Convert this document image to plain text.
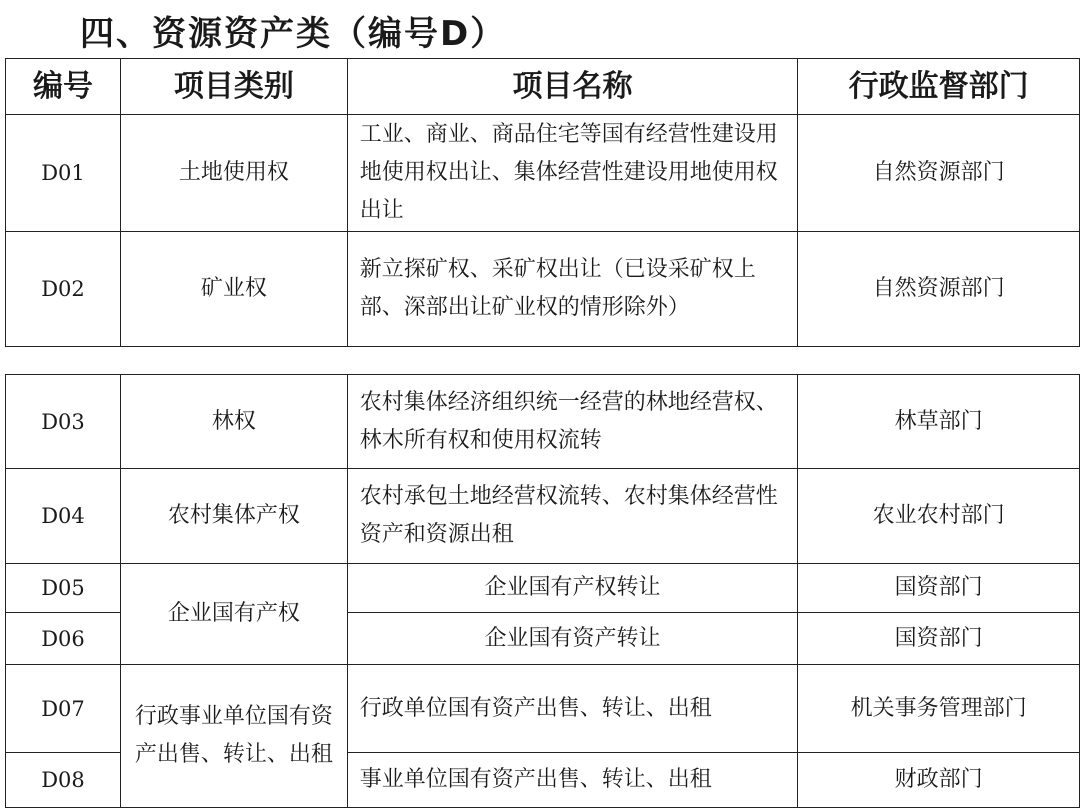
四、资源资产类（编号D）
编号	项目类别	项目名称	行政监督部门
D01	土地使用权	工业、商业、商品住宅等国有经营性建设用地使用权出让、集体经营性建设用地使用权出让	自然资源部门
D02	矿业权	新立探矿权、采矿权出让（已设采矿权上部、深部出让矿业权的情形除外）	自然资源部门
D03	林权	农村集体经济组织统一经营的林地经营权、林木所有权和使用权流转	林草部门
D04	农村集体产权	农村承包土地经营权流转、农村集体经营性资产和资源出租	农业农村部门
D05	企业国有产权	企业国有产权转让	国资部门
D06		企业国有资产转让	国资部门
D07	行政事业单位国有资产出售、转让、出租	行政单位国有资产出售、转让、出租	机关事务管理部门
D08		事业单位国有资产出售、转让、出租	财政部门
